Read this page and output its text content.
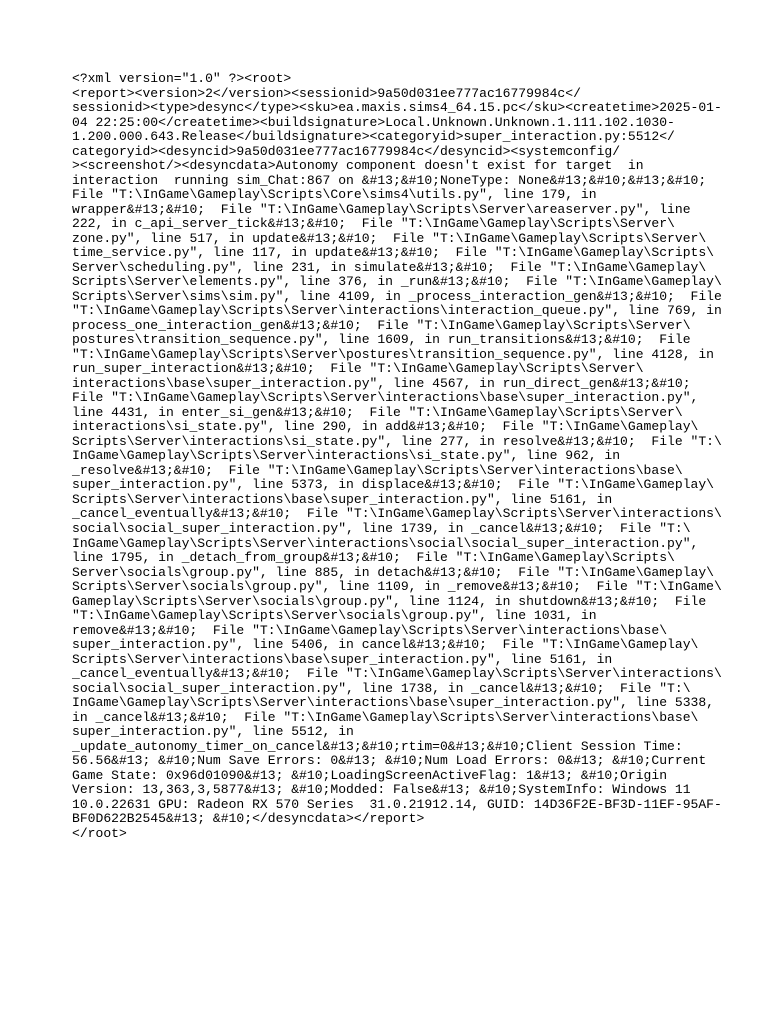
<?xml version="1.0" ?><root>

<report><version>2</version><sessionid>9a50d031ee777ac16779984c</

sessionid><type>desync</type><sku>ea.maxis.sims4_64.15.pc</sku><createtime>2025-01-

04 22:25:00</createtime><buildsignature>Local.Unknown.Unknown.1.111.102.1030-

1.200.000.643.Release</buildsignature><categoryid>super_interaction.py:5512</

categoryid><desyncid>9a50d031ee777ac16779984c</desyncid><systemconfig/

><screenshot/><desyncdata>Autonomy component doesn't exist for target  in

interaction  running sim_Chat:867 on &#13;&#10;NoneType: None&#13;&#10;&#13;&#10;

File "T:\InGame\Gameplay\Scripts\Core\sims4\utils.py", line 179, in

wrapper&#13;&#10;  File "T:\InGame\Gameplay\Scripts\Server\areaserver.py", line

222, in c_api_server_tick&#13;&#10;  File "T:\InGame\Gameplay\Scripts\Server\

zone.py", line 517, in update&#13;&#10;  File "T:\InGame\Gameplay\Scripts\Server\

time_service.py", line 117, in update&#13;&#10;  File "T:\InGame\Gameplay\Scripts\

Server\scheduling.py", line 231, in simulate&#13;&#10;  File "T:\InGame\Gameplay\

Scripts\Server\elements.py", line 376, in _run&#13;&#10;  File "T:\InGame\Gameplay\

Scripts\Server\sims\sim.py", line 4109, in _process_interaction_gen&#13;&#10;  File

"T:\InGame\Gameplay\Scripts\Server\interactions\interaction_queue.py", line 769, in

process_one_interaction_gen&#13;&#10;  File "T:\InGame\Gameplay\Scripts\Server\

postures\transition_sequence.py", line 1609, in run_transitions&#13;&#10;  File

"T:\InGame\Gameplay\Scripts\Server\postures\transition_sequence.py", line 4128, in

run_super_interaction&#13;&#10;  File "T:\InGame\Gameplay\Scripts\Server\

interactions\base\super_interaction.py", line 4567, in run_direct_gen&#13;&#10;

File "T:\InGame\Gameplay\Scripts\Server\interactions\base\super_interaction.py",

line 4431, in enter_si_gen&#13;&#10;  File "T:\InGame\Gameplay\Scripts\Server\

interactions\si_state.py", line 290, in add&#13;&#10;  File "T:\InGame\Gameplay\

Scripts\Server\interactions\si_state.py", line 277, in resolve&#13;&#10;  File "T:\

InGame\Gameplay\Scripts\Server\interactions\si_state.py", line 962, in

_resolve&#13;&#10;  File "T:\InGame\Gameplay\Scripts\Server\interactions\base\

super_interaction.py", line 5373, in displace&#13;&#10;  File "T:\InGame\Gameplay\

Scripts\Server\interactions\base\super_interaction.py", line 5161, in

_cancel_eventually&#13;&#10;  File "T:\InGame\Gameplay\Scripts\Server\interactions\

social\social_super_interaction.py", line 1739, in _cancel&#13;&#10;  File "T:\

InGame\Gameplay\Scripts\Server\interactions\social\social_super_interaction.py",

line 1795, in _detach_from_group&#13;&#10;  File "T:\InGame\Gameplay\Scripts\

Server\socials\group.py", line 885, in detach&#13;&#10;  File "T:\InGame\Gameplay\

Scripts\Server\socials\group.py", line 1109, in _remove&#13;&#10;  File "T:\InGame\

Gameplay\Scripts\Server\socials\group.py", line 1124, in shutdown&#13;&#10;  File

"T:\InGame\Gameplay\Scripts\Server\socials\group.py", line 1031, in

remove&#13;&#10;  File "T:\InGame\Gameplay\Scripts\Server\interactions\base\

super_interaction.py", line 5406, in cancel&#13;&#10;  File "T:\InGame\Gameplay\

Scripts\Server\interactions\base\super_interaction.py", line 5161, in

_cancel_eventually&#13;&#10;  File "T:\InGame\Gameplay\Scripts\Server\interactions\

social\social_super_interaction.py", line 1738, in _cancel&#13;&#10;  File "T:\

InGame\Gameplay\Scripts\Server\interactions\base\super_interaction.py", line 5338,

in _cancel&#13;&#10;  File "T:\InGame\Gameplay\Scripts\Server\interactions\base\

super_interaction.py", line 5512, in

_update_autonomy_timer_on_cancel&#13;&#10;rtim=0&#13;&#10;Client Session Time:

56.56&#13; &#10;Num Save Errors: 0&#13; &#10;Num Load Errors: 0&#13; &#10;Current

Game State: 0x96d01090&#13; &#10;LoadingScreenActiveFlag: 1&#13; &#10;Origin

Version: 13,363,3,5877&#13; &#10;Modded: False&#13; &#10;SystemInfo: Windows 11

10.0.22631 GPU: Radeon RX 570 Series  31.0.21912.14, GUID: 14D36F2E-BF3D-11EF-95AF-

BF0D622B2545&#13; &#10;</desyncdata></report>

</root>
